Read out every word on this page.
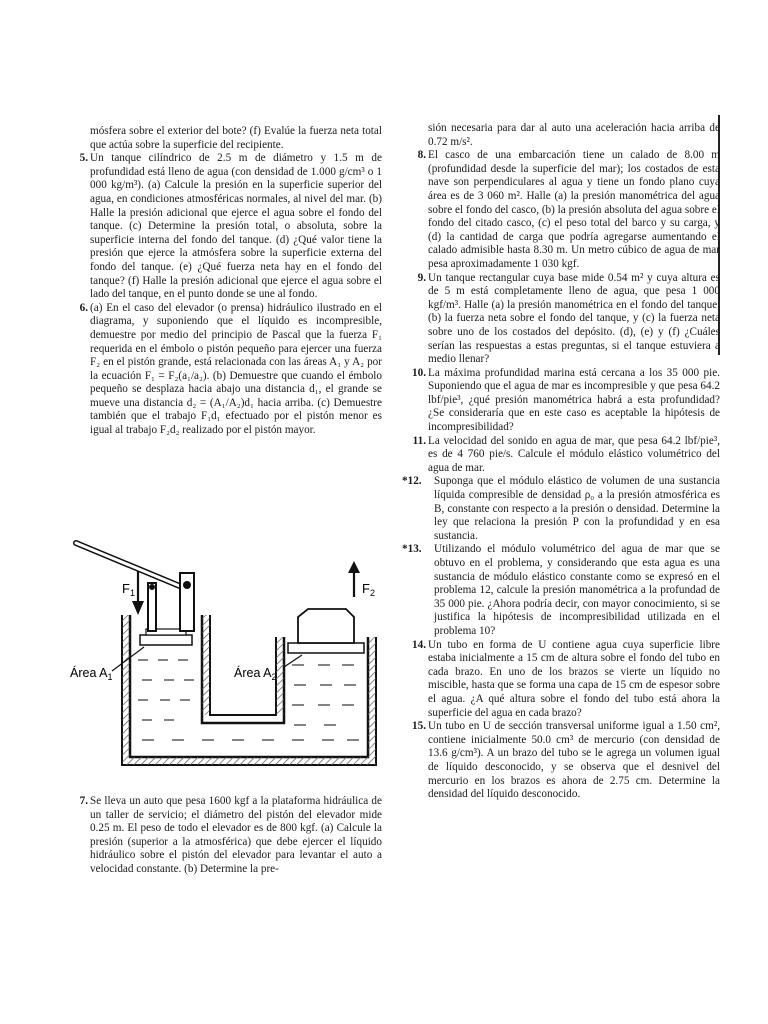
mósfera sobre el exterior del bote? (f) Evalúe la fuerza neta total que actúa sobre la superficie del recipiente.
5. Un tanque cilíndrico de 2.5 m de diámetro y 1.5 m de profundidad está lleno de agua (con densidad de 1.000 g/cm³ o 1 000 kg/m³). (a) Calcule la presión en la superficie superior del agua, en condiciones atmosféricas normales, al nivel del mar. (b) Halle la presión adicional que ejerce el agua sobre el fondo del tanque. (c) Determine la presión total, o absoluta, sobre la superficie interna del fondo del tanque. (d) ¿Qué valor tiene la presión que ejerce la atmósfera sobre la superficie externa del fondo del tanque. (e) ¿Qué fuerza neta hay en el fondo del tanque? (f) Halle la presión adicional que ejerce el agua sobre el lado del tanque, en el punto donde se une al fondo.
6. (a) En el caso del elevador (o prensa) hidráulico ilustrado en el diagrama, y suponiendo que el líquido es incompresible, demuestre por medio del principio de Pascal que la fuerza F₁ requerida en el émbolo o pistón pequeño para ejercer una fuerza F₂ en el pistón grande, está relacionada con las áreas A₁ y A₂ por la ecuación F₁ = F₂(a₁/a₂). (b) Demuestre que cuando el émbolo pequeño se desplaza hacia abajo una distancia d₁, el grande se mueve una distancia d₂ = (A₁/A₂)d₁ hacia arriba. (c) Demuestre también que el trabajo F₁d₁ efectuado por el pistón menor es igual al trabajo F₂d₂ realizado por el pistón mayor.
$F_1$	$F_2$
Área $A_1$	Área $A_2$
7. Se lleva un auto que pesa 1600 kgf a la plataforma hidráulica de un taller de servicio; el diámetro del pistón del elevador mide 0.25 m. El peso de todo el elevador es de 800 kgf. (a) Calcule la presión (superior a la atmosférica) que debe ejercer el líquido hidráulico sobre el pistón del elevador para levantar el auto a velocidad constante. (b) Determine la pre-
sión necesaria para dar al auto una aceleración hacia arriba de 0.72 m/s².
8. El casco de una embarcación tiene un calado de 8.00 m (profundidad desde la superficie del mar); los costados de esta nave son perpendiculares al agua y tiene un fondo plano cuya área es de 3 060 m². Halle (a) la presión manométrica del agua sobre el fondo del casco, (b) la presión absoluta del agua sobre el fondo del citado casco, (c) el peso total del barco y su carga, y (d) la cantidad de carga que podría agregarse aumentando el calado admisible hasta 8.30 m. Un metro cúbico de agua de mar pesa aproximadamente 1 030 kgf.
9. Un tanque rectangular cuya base mide 0.54 m² y cuya altura es de 5 m está completamente lleno de agua, que pesa 1 000 kgf/m³. Halle (a) la presión manométrica en el fondo del tanque, (b) la fuerza neta sobre el fondo del tanque, y (c) la fuerza neta sobre uno de los costados del depósito. (d), (e) y (f) ¿Cuáles serían las respuestas a estas preguntas, si el tanque estuviera a medio llenar?
10. La máxima profundidad marina está cercana a los 35 000 pie. Suponiendo que el agua de mar es incompresible y que pesa 64.2 lbf/pie³, ¿qué presión manométrica habrá a esta profundidad? ¿Se consideraría que en este caso es aceptable la hipótesis de incompresibilidad?
11. La velocidad del sonido en agua de mar, que pesa 64.2 lbf/pie³, es de 4 760 pie/s. Calcule el módulo elástico volumétrico del agua de mar.
*12.	Suponga que el módulo elástico de volumen de una sustancia líquida compresible de densidad ρ₀ a la presión atmosférica es B, constante con respecto a la presión o densidad. Determine la ley que relaciona la presión P con la profundidad y en esa sustancia.
*13.	Utilizando el módulo volumétrico del agua de mar que se obtuvo en el problema, y considerando que esta agua es una sustancia de módulo elástico constante como se expresó en el problema 12, calcule la presión manométrica a la profundad de 35 000 pie. ¿Ahora podría decir, con mayor conocimiento, si se justifica la hipótesis de incompresibilidad utilizada en el problema 10?
14. Un tubo en forma de U contiene agua cuya superficie libre estaba inicialmente a 15 cm de altura sobre el fondo del tubo en cada brazo. En uno de los brazos se vierte un líquido no miscible, hasta que se forma una capa de 15 cm de espesor sobre el agua. ¿A qué altura sobre el fondo del tubo está ahora la superficie del agua en cada brazo?
15. Un tubo en U de sección transversal uniforme igual a 1.50 cm², contiene inicialmente 50.0 cm³ de mercurio (con densidad de 13.6 g/cm³). A un brazo del tubo se le agrega un volumen igual de líquido desconocido, y se observa que el desnivel del mercurio en los brazos es ahora de 2.75 cm. Determine la densidad del líquido desconocido.
